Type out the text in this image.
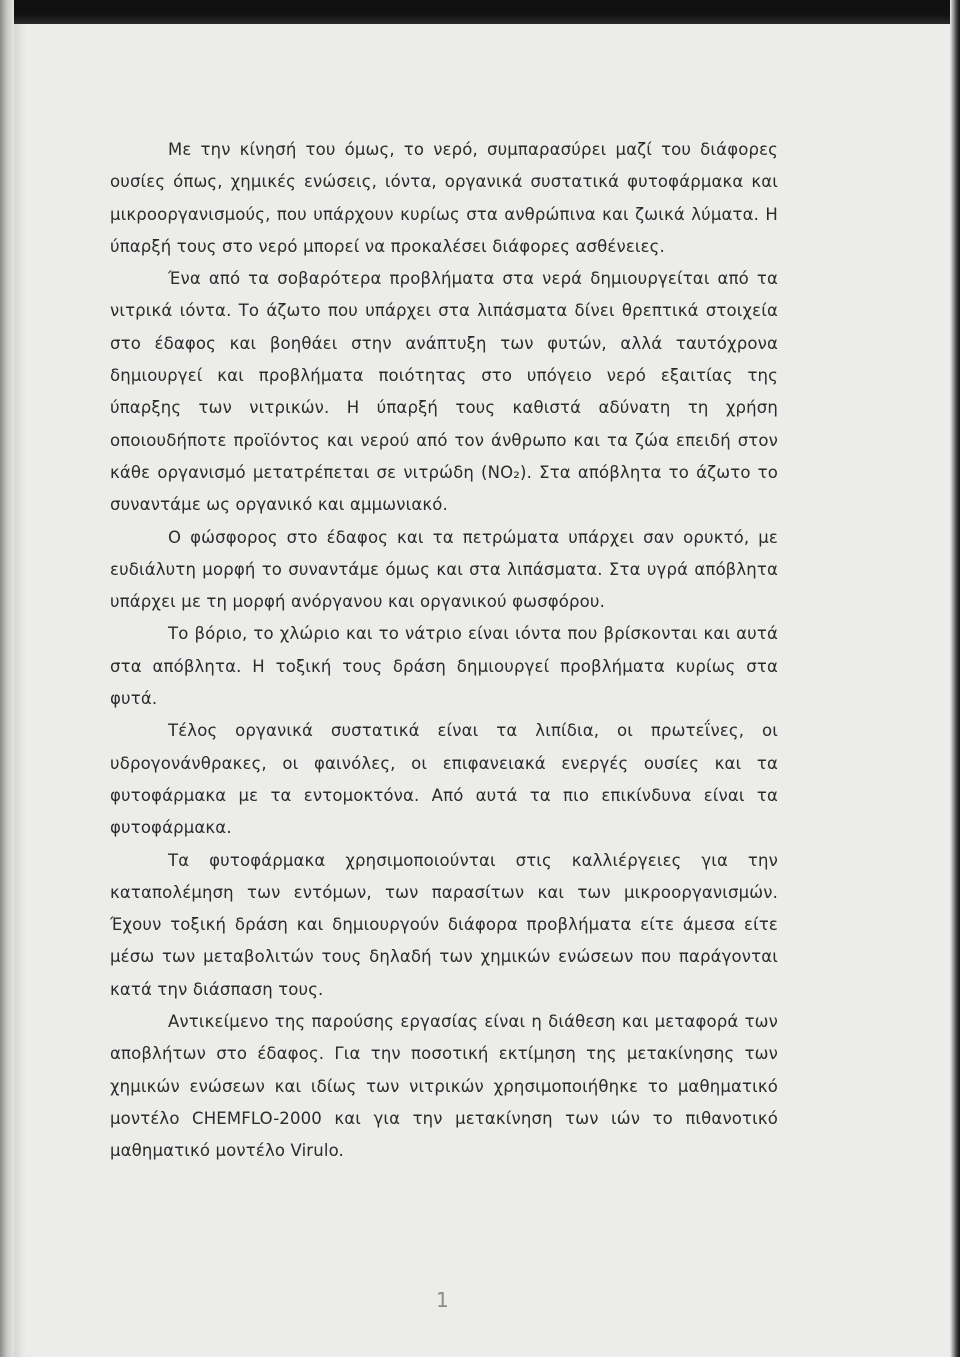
Με την κίνησή του όμως, το νερό, συμπαρασύρει μαζί του διάφορες ουσίες όπως, χημικές ενώσεις, ιόντα, οργανικά συστατικά φυτοφάρμακα και μικροοργανισμούς, που υπάρχουν κυρίως στα ανθρώπινα και ζωικά λύματα. Η ύπαρξή τους στο νερό μπορεί να προκαλέσει διάφορες ασθένειες.

Ένα από τα σοβαρότερα προβλήματα στα νερά δημιουργείται από τα νιτρικά ιόντα. Το άζωτο που υπάρχει στα λιπάσματα δίνει θρεπτικά στοιχεία στο έδαφος και βοηθάει στην ανάπτυξη των φυτών, αλλά ταυτόχρονα δημιουργεί και προβλήματα ποιότητας στο υπόγειο νερό εξαιτίας της ύπαρξης των νιτρικών. Η ύπαρξή τους καθιστά αδύνατη τη χρήση οποιουδήποτε προϊόντος και νερού από τον άνθρωπο και τα ζώα επειδή στον κάθε οργανισμό μετατρέπεται σε νιτρώδη (NO₂). Στα απόβλητα το άζωτο το συναντάμε ως οργανικό και αμμωνιακό.

Ο φώσφορος στο έδαφος και τα πετρώματα υπάρχει σαν ορυκτό, με ευδιάλυτη μορφή το συναντάμε όμως και στα λιπάσματα. Στα υγρά απόβλητα υπάρχει με τη μορφή ανόργανου και οργανικού φωσφόρου.

Το βόριο, το χλώριο και το νάτριο είναι ιόντα που βρίσκονται και αυτά στα απόβλητα. Η τοξική τους δράση δημιουργεί προβλήματα κυρίως στα φυτά.

Τέλος οργανικά συστατικά είναι τα λιπίδια, οι πρωτεΐνες, οι υδρογονάνθρακες, οι φαινόλες, οι επιφανειακά ενεργές ουσίες και τα φυτοφάρμακα με τα εντομοκτόνα. Από αυτά τα πιο επικίνδυνα είναι τα φυτοφάρμακα.

Τα φυτοφάρμακα χρησιμοποιούνται στις καλλιέργειες για την καταπολέμηση των εντόμων, των παρασίτων και των μικροοργανισμών. Έχουν τοξική δράση και δημιουργούν διάφορα προβλήματα είτε άμεσα είτε μέσω των μεταβολιτών τους δηλαδή των χημικών ενώσεων που παράγονται κατά την διάσπαση τους.

Αντικείμενο της παρούσης εργασίας είναι η διάθεση και μεταφορά των αποβλήτων στο έδαφος. Για την ποσοτική εκτίμηση της μετακίνησης των χημικών ενώσεων και ιδίως των νιτρικών χρησιμοποιήθηκε το μαθηματικό μοντέλο CHEMFLO-2000 και για την μετακίνηση των ιών το πιθανοτικό μαθηματικό μοντέλο Virulo.

1
